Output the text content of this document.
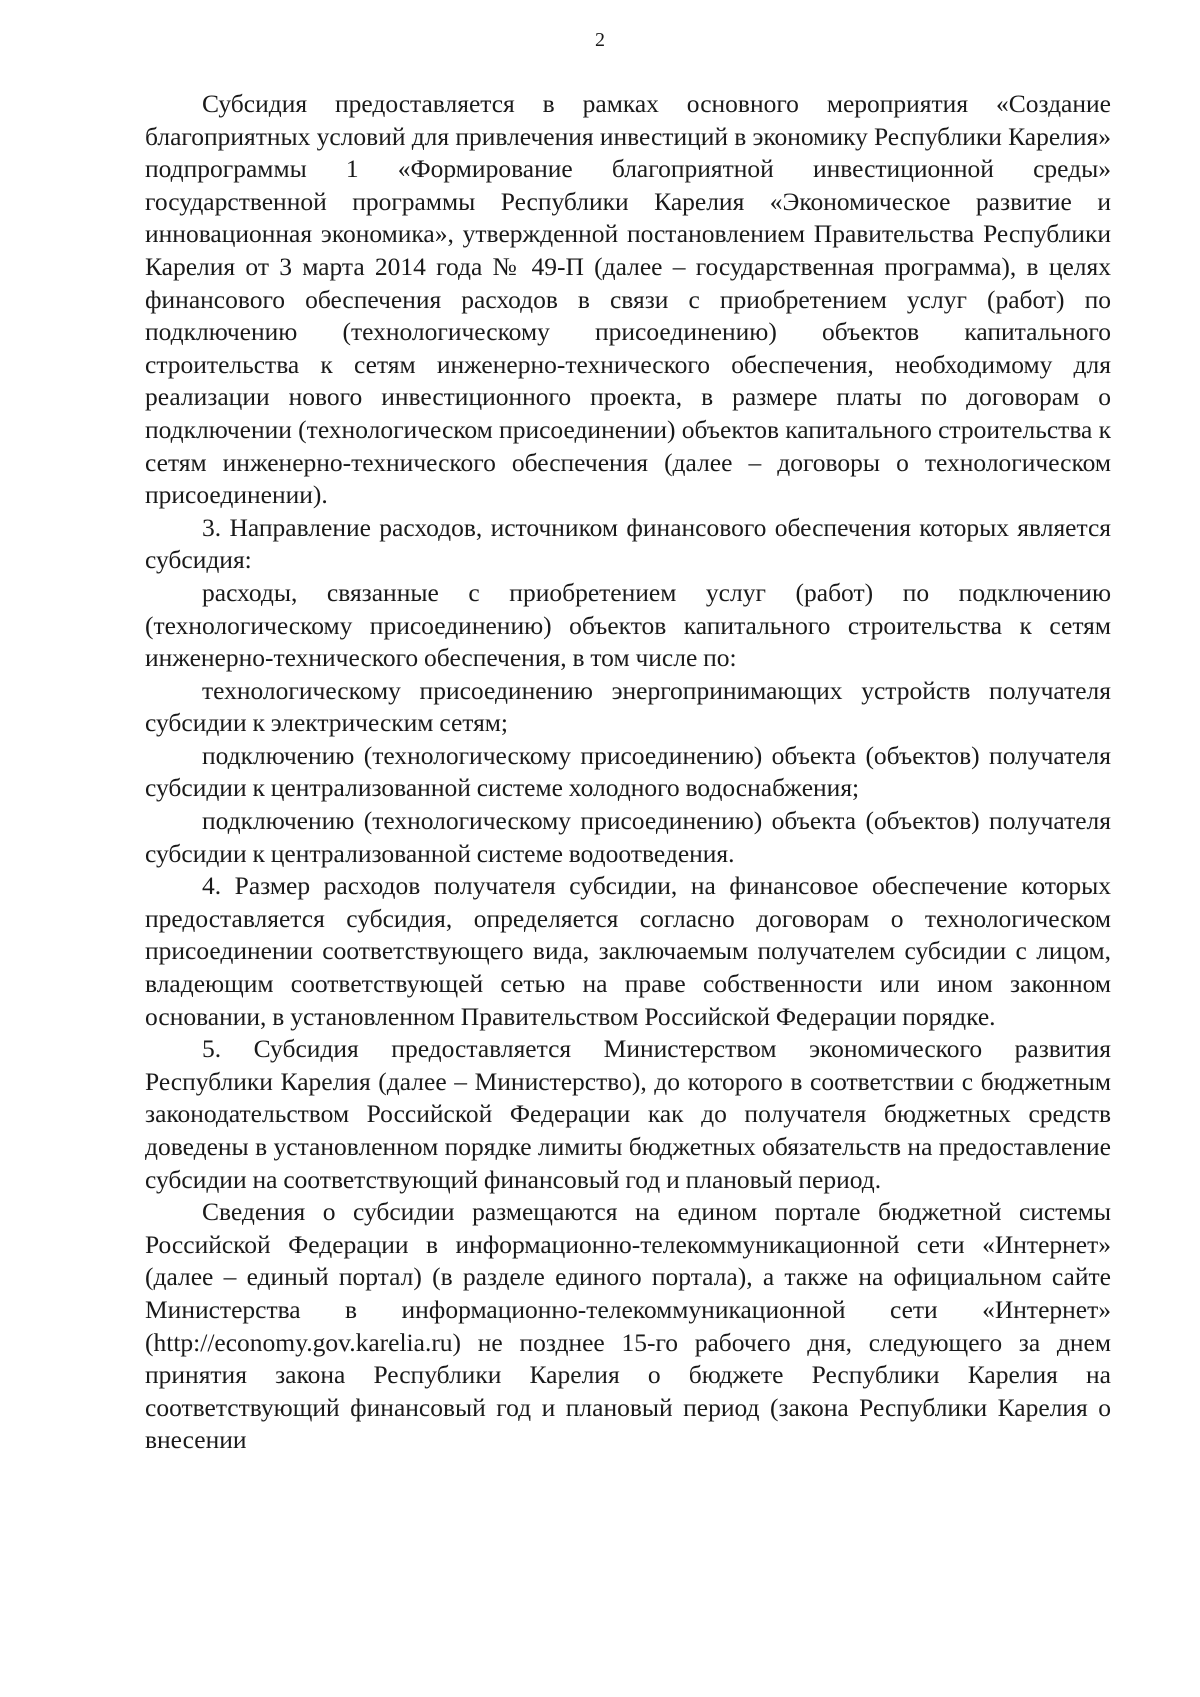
2

Субсидия предоставляется в рамках основного мероприятия «Создание благоприятных условий для привлечения инвестиций в экономику Республики Карелия» подпрограммы 1 «Формирование благоприятной инвестиционной среды» государственной программы Республики Карелия «Экономическое развитие и инновационная экономика», утвержденной постановлением Правительства Республики Карелия от 3 марта 2014 года № 49-П (далее – государственная программа), в целях финансового обеспечения расходов в связи с приобретением услуг (работ) по подключению (технологическому присоединению) объектов капитального строительства к сетям инженерно-технического обеспечения, необходимому для реализации нового инвестиционного проекта, в размере платы по договорам о подключении (технологическом присоединении) объектов капитального строительства к сетям инженерно-технического обеспечения (далее – договоры о технологическом присоединении).

3. Направление расходов, источником финансового обеспечения которых является субсидия:

расходы, связанные с приобретением услуг (работ) по подключению (технологическому присоединению) объектов капитального строительства к сетям инженерно-технического обеспечения, в том числе по:

технологическому присоединению энергопринимающих устройств получателя субсидии к электрическим сетям;

подключению (технологическому присоединению) объекта (объектов) получателя субсидии к централизованной системе холодного водоснабжения;

подключению (технологическому присоединению) объекта (объектов) получателя субсидии к централизованной системе водоотведения.

4. Размер расходов получателя субсидии, на финансовое обеспечение которых предоставляется субсидия, определяется согласно договорам о технологическом присоединении соответствующего вида, заключаемым получателем субсидии с лицом, владеющим соответствующей сетью на праве собственности или ином законном основании, в установленном Правительством Российской Федерации порядке.

5. Субсидия предоставляется Министерством экономического развития Республики Карелия (далее – Министерство), до которого в соответствии с бюджетным законодательством Российской Федерации как до получателя бюджетных средств доведены в установленном порядке лимиты бюджетных обязательств на предоставление субсидии на соответствующий финансовый год и плановый период.

Сведения о субсидии размещаются на едином портале бюджетной системы Российской Федерации в информационно-телекоммуникационной сети «Интернет» (далее – единый портал) (в разделе единого портала), а также на официальном сайте Министерства в информационно-телекоммуникационной сети «Интернет» (http://economy.gov.karelia.ru) не позднее 15-го рабочего дня, следующего за днем принятия закона Республики Карелия о бюджете Республики Карелия на соответствующий финансовый год и плановый период (закона Республики Карелия о внесении
